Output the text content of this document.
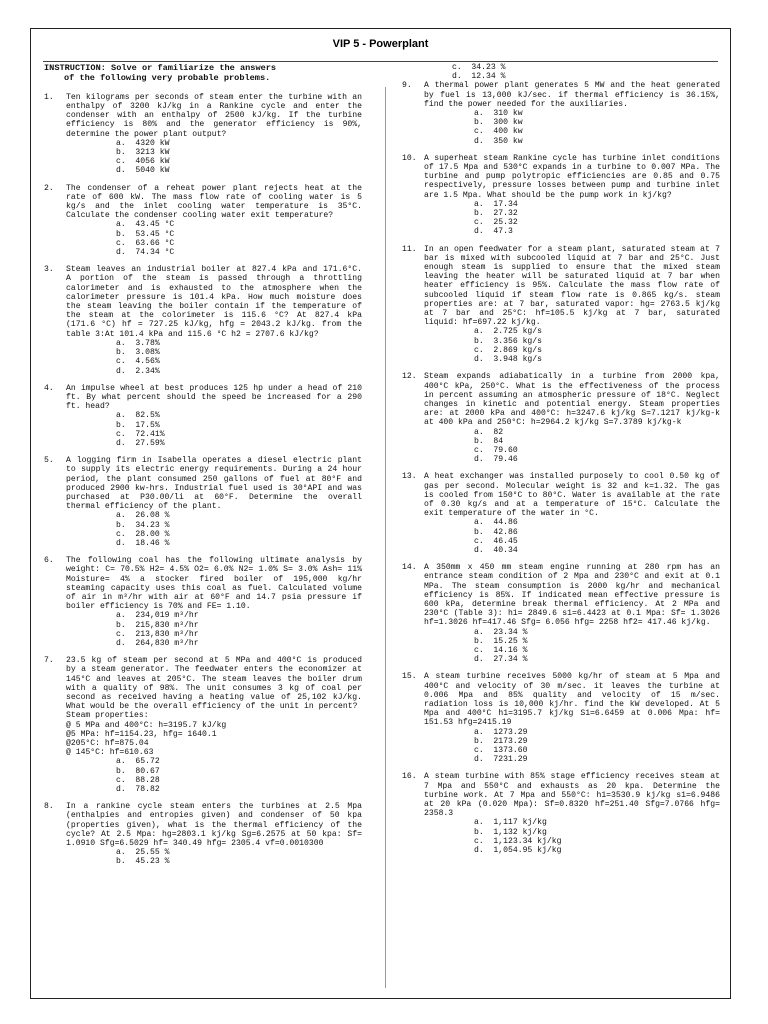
VIP 5 - Powerplant
INSTRUCTION: Solve or familiarize the answers
of the following very probable problems.
1.	Ten kilograms per seconds of steam enter the turbine with an enthalpy of 3200 kJ/kg in a Rankine cycle and enter the condenser with an enthalpy of 2500 kJ/kg. If the turbine efficiency is 80% and the generator efficiency is 90%, determine the power plant output?
a.  4320 kW
b.  3213 kW
c.  4056 kW
d.  5040 kW
2.	The condenser of a reheat power plant rejects heat at the rate of 600 kW. The mass flow rate of cooling water is 5 kg/s and the inlet cooling water temperature is 35°C. Calculate the condenser cooling water exit temperature?
a.  43.45 °C
b.  53.45 °C
c.  63.66 °C
d.  74.34 °C
3.	Steam leaves an industrial boiler at 827.4 kPa and 171.6°C. A portion of the steam is passed through a throttling calorimeter and is exhausted to the atmosphere when the calorimeter pressure is 101.4 kPa. How much moisture does the steam leaving the boiler contain if the temperature of the steam at the colorimeter is 115.6 °C? At 827.4 kPa (171.6 °C) hf = 727.25 kJ/kg, hfg = 2043.2 kJ/kg. from the table 3:At 101.4 kPa and 115.6 °C h2 = 2707.6 kJ/kg?
a.  3.78%
b.  3.08%
c.  4.56%
d.  2.34%
4.	An impulse wheel at best produces 125 hp under a head of 210 ft. By what percent should the speed be increased for a 290 ft. head?
a.  82.5%
b.  17.5%
c.  72.41%
d.  27.59%
5.	A logging firm in Isabella operates a diesel electric plant to supply its electric energy requirements. During a 24 hour period, the plant consumed 250 gallons of fuel at 80°F and produced 2900 kw-hrs. Industrial fuel used is 30°API and was purchased at P30.00/li at 60°F. Determine the overall thermal efficiency of the plant.
a.  26.08 %
b.  34.23 %
c.  28.00 %
d.  18.46 %
6.	The following coal has the following ultimate analysis by weight: C= 70.5% H2= 4.5% O2= 6.0% N2= 1.0% S= 3.0% Ash= 11% Moisture= 4% a stocker fired boiler of 195,000 kg/hr steaming capacity uses this coal as fuel. Calculated volume of air in m³/hr with air at 60°F and 14.7 psia pressure if boiler efficiency is 70% and FE= 1.10.
a.  234,019 m³/hr
b.  215,830 m³/hr
c.  213,830 m³/hr
d.  264,830 m³/hr
7.	23.5 kg of steam per second at 5 MPa and 400°C is produced by a steam generator. The feedwater enters the economizer at 145°C and leaves at 205°C. The steam leaves the boiler drum with a quality of 98%. The unit consumes 3 kg of coal per second as received having a heating value of 25,102 kJ/kg. What would be the overall efficiency of the unit in percent?
Steam properties:
@ 5 MPa and 400°C: h=3195.7 kJ/kg
@5 MPa: hf=1154.23, hfg= 1640.1
@205°C: hf=875.04
@ 145°C: hf=610.63
a.  65.72
b.  80.67
c.  88.28
d.  78.82
8.	In a rankine cycle steam enters the turbines at 2.5 Mpa (enthalpies and entropies given) and condenser of 50 kpa (properties given), what is the thermal efficiency of the cycle? At 2.5 Mpa: hg=2803.1 kj/kg Sg=6.2575 at 50 kpa: Sf= 1.0910 Sfg=6.5029 hf= 340.49 hfg= 2305.4 vf=0.0010300
a.  25.55 %
b.  45.23 %
c.  34.23 %
d.  12.34 %
9.	A thermal power plant generates 5 MW and the heat generated by fuel is 13,000 kJ/sec. if thermal efficiency is 36.15%, find the power needed for the auxiliaries.
a.  310 kw
b.  300 kw
c.  400 kw
d.  350 kw
10. A superheat steam Rankine cycle has turbine inlet conditions of 17.5 Mpa and 530°C expands in a turbine to 0.007 MPa. The turbine and pump polytropic efficiencies are 0.85 and 0.75 respectively, pressure losses between pump and turbine inlet are 1.5 Mpa. What should be the pump work in kj/kg?
a.  17.34
b.  27.32
c.  25.32
d.  47.3
11. In an open feedwater for a steam plant, saturated steam at 7 bar is mixed with subcooled liquid at 7 bar and 25°C. Just enough steam is supplied to ensure that the mixed steam leaving the heater will be saturated liquid at 7 bar when heater efficiency is 95%. Calculate the mass flow rate of subcooled liquid if steam flow rate is 0.865 kg/s. steam properties are: at 7 bar, saturated vapor: hg= 2763.5 kj/kg at 7 bar and 25°C: hf=105.5 kj/kg at 7 bar, saturated liquid: hf=697.22 kj/kg.
a.  2.725 kg/s
b.  3.356 kg/s
c.  2.869 kg/s
d.  3.948 kg/s
12. Steam expands adiabatically in a turbine from 2000 kpa, 400°C kPa, 250°C. What is the effectiveness of the process in percent assuming an atmospheric pressure of 18°C. Neglect changes in kinetic and potential energy. Steam properties are: at 2000 kPa and 400°C: h=3247.6 kj/kg S=7.1217 kj/kg-k at 400 kPa and 250°C: h=2964.2 kj/kg S=7.3789 kj/kg-k
a.  82
b.  84
c.  79.60
d.  79.46
13. A heat exchanger was installed purposely to cool 0.50 kg of gas per second. Molecular weight is 32 and k=1.32. The gas is cooled from 150°C to 80°C. Water is available at the rate of 0.30 kg/s and at a temperature of 15°C. Calculate the exit temperature of the water in °C.
a.  44.86
b.  42.86
c.  46.45
d.  40.34
14. A 350mm x 450 mm steam engine running at 280 rpm has an entrance steam condition of 2 Mpa and 230°C and exit at 0.1 MPa. The steam consumption is 2000 kg/hr and mechanical efficiency is 85%. If indicated mean effective pressure is 600 kPa, determine break thermal efficiency. At 2 MPa and 230°C (Table 3): h1= 2849.6 s1=6.4423 at 0.1 Mpa: Sf= 1.3026 hf=1.3026 hf=417.46 Sfg= 6.056 hfg= 2258 hf2= 417.46 kj/kg.
a.  23.34 %
b.  15.25 %
c.  14.16 %
d.  27.34 %
15. A steam turbine receives 5000 kg/hr of steam at 5 Mpa and 400°C and velocity of 30 m/sec. it leaves the turbine at 0.006 Mpa and 85% quality and velocity of 15 m/sec. radiation loss is 10,000 kj/hr. find the kW developed. At 5 Mpa and 400°C h1=3195.7 kj/kg S1=6.6459 at 0.006 Mpa: hf= 151.53 hfg=2415.19
a.  1273.29
b.  2173.29
c.  1373.60
d.  7231.29
16. A steam turbine with 85% stage efficiency receives steam at 7 Mpa and 550°C and exhausts as 20 kpa. Determine the turbine work. At 7 Mpa and 550°C: h1=3530.9 kj/kg s1=6.9486 at 20 kPa (0.020 Mpa): Sf=0.8320 hf=251.40 Sfg=7.0766 hfg= 2358.3
a.  1,117 kj/kg
b.  1,132 kj/kg
c.  1,123.34 kj/kg
d.  1,054.95 kj/kg
